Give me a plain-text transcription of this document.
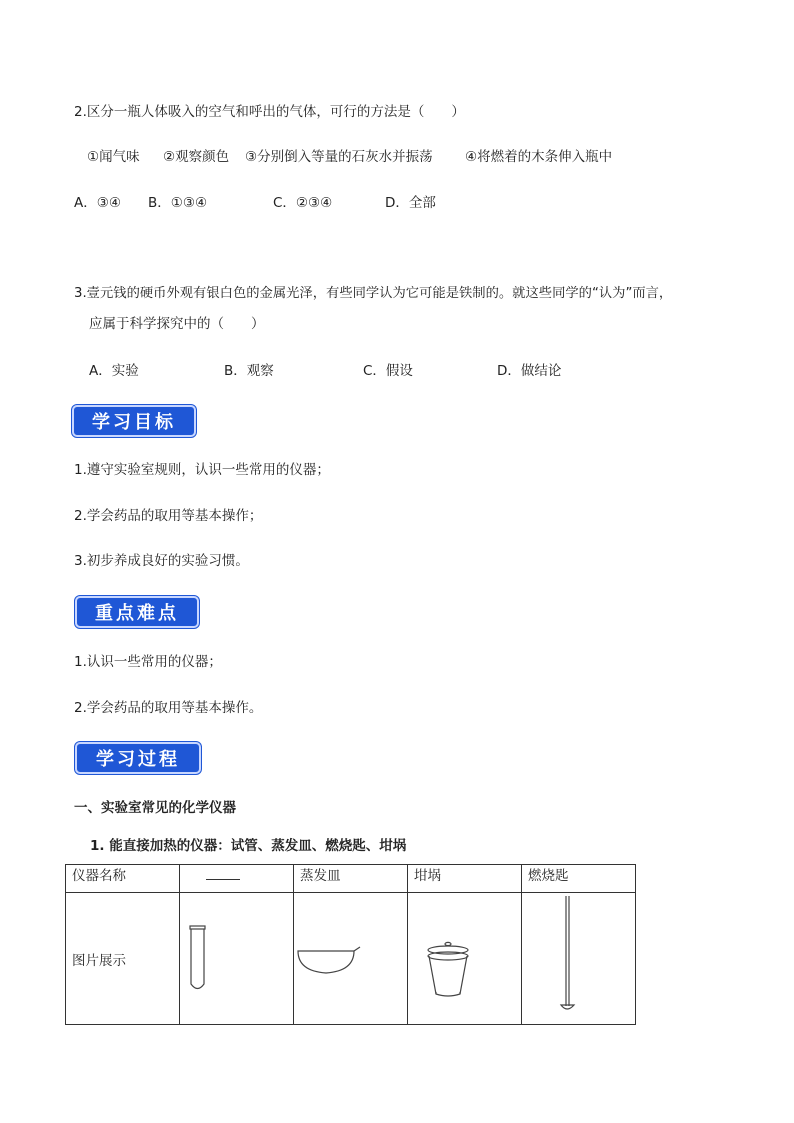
2.区分一瓶人体吸入的空气和呼出的气体，可行的方法是（　　）
①闻气味 ②观察颜色 ③分别倒入等量的石灰水并振荡 ④将燃着的木条伸入瓶中
A．③④ B．①③④	C．②③④	D．全部
3.壹元钱的硬币外观有银白色的金属光泽，有些同学认为它可能是铁制的。就这些同学的“认为”而言，
应属于科学探究中的（　　）
A．实验	B．观察	C．假设	D．做结论
学习目标
1.遵守实验室规则，认识一些常用的仪器；
2.学会药品的取用等基本操作；
3.初步养成良好的实验习惯。
重点难点
1.认识一些常用的仪器；
2.学会药品的取用等基本操作。
学习过程
一、实验室常见的化学仪器
1. 能直接加热的仪器：试管、蒸发皿、燃烧匙、坩埚
仪器名称		蒸发皿	坩埚	燃烧匙
图片展示	
